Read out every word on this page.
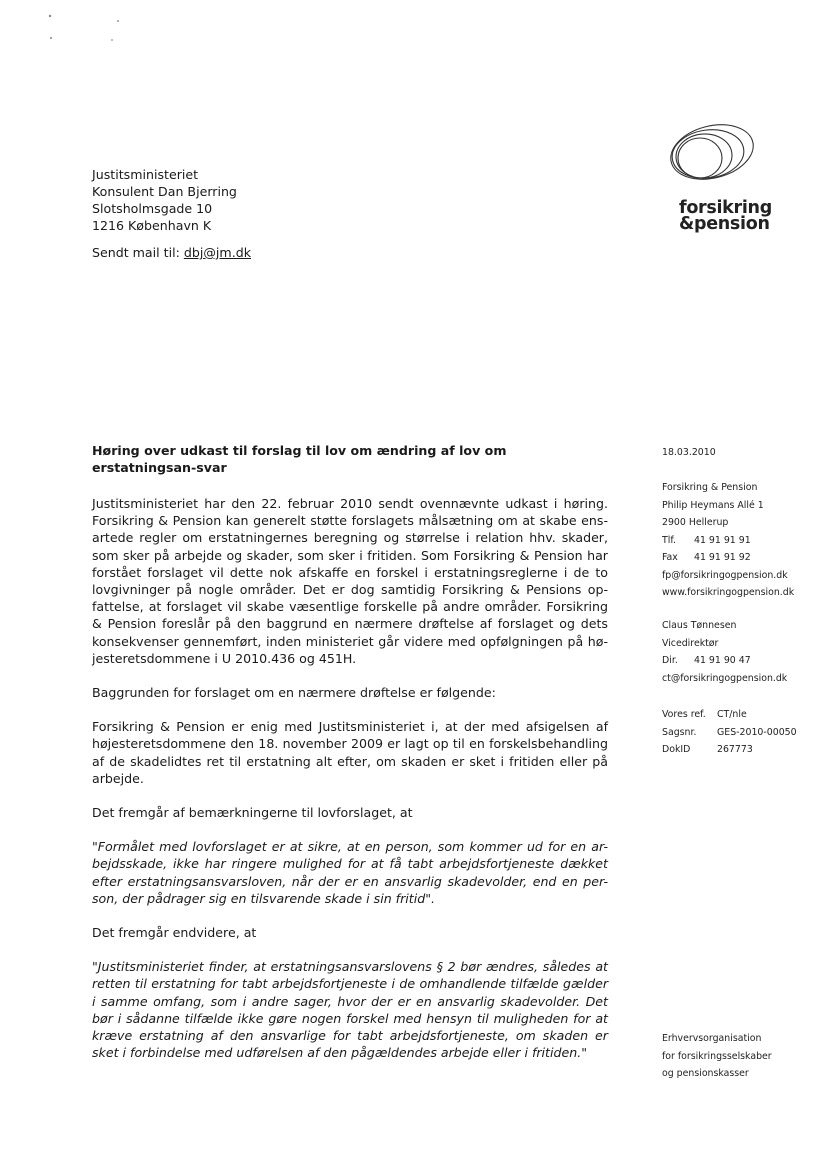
Justitsministeriet
Konsulent Dan Bjerring
Slotsholmsgade 10
1216 København K
Sendt mail til: dbj@jm.dk
forsikring
&pension
Høring over udkast til forslag til lov om ændring af lov om erstatningsan-svar

Justitsministeriet har den 22. februar 2010 sendt ovennævnte udkast i høring. Forsikring & Pension kan generelt støtte forslagets målsætning om at skabe ens-artede regler om erstatningernes beregning og størrelse i relation hhv. skader, som sker på arbejde og skader, som sker i fritiden. Som Forsikring & Pension har forstået forslaget vil dette nok afskaffe en forskel i erstatningsreglerne i de to lovgivninger på nogle områder. Det er dog samtidig Forsikring & Pensions op-fattelse, at forslaget vil skabe væsentlige forskelle på andre områder. Forsikring & Pension foreslår på den baggrund en nærmere drøftelse af forslaget og dets konsekvenser gennemført, inden ministeriet går videre med opfølgningen på hø-jesteretsdommene i U 2010.436 og 451H.

Baggrunden for forslaget om en nærmere drøftelse er følgende:

Forsikring & Pension er enig med Justitsministeriet i, at der med afsigelsen af højesteretsdommene den 18. november 2009 er lagt op til en forskelsbehandling af de skadelidtes ret til erstatning alt efter, om skaden er sket i fritiden eller på arbejde.

Det fremgår af bemærkningerne til lovforslaget, at

"Formålet med lovforslaget er at sikre, at en person, som kommer ud for en ar-bejdsskade, ikke har ringere mulighed for at få tabt arbejdsfortjeneste dækket efter erstatningsansvarsloven, når der er en ansvarlig skadevolder, end en per-son, der pådrager sig en tilsvarende skade i sin fritid".

Det fremgår endvidere, at

"Justitsministeriet finder, at erstatningsansvarslovens § 2 bør ændres, således at retten til erstatning for tabt arbejdsfortjeneste i de omhandlende tilfælde gælder i samme omfang, som i andre sager, hvor der er en ansvarlig skadevolder. Det bør i sådanne tilfælde ikke gøre nogen forskel med hensyn til muligheden for at kræve erstatning af den ansvarlige for tabt arbejdsfortjeneste, om skaden er sket i forbindelse med udførelsen af den pågældendes arbejde eller i fritiden."

18.03.2010
Forsikring & Pension
Philip Heymans Allé 1
2900 Hellerup
Tlf. 41 91 91 91
Fax 41 91 91 92
fp@forsikringogpension.dk
www.forsikringogpension.dk
Claus Tønnesen
Vicedirektør
Dir. 41 91 90 47
ct@forsikringogpension.dk
Vores ref. CT/nle
Sagsnr. GES-2010-00050
DokID	267773
Erhvervsorganisation
for forsikringsselskaber
og pensionskasser
